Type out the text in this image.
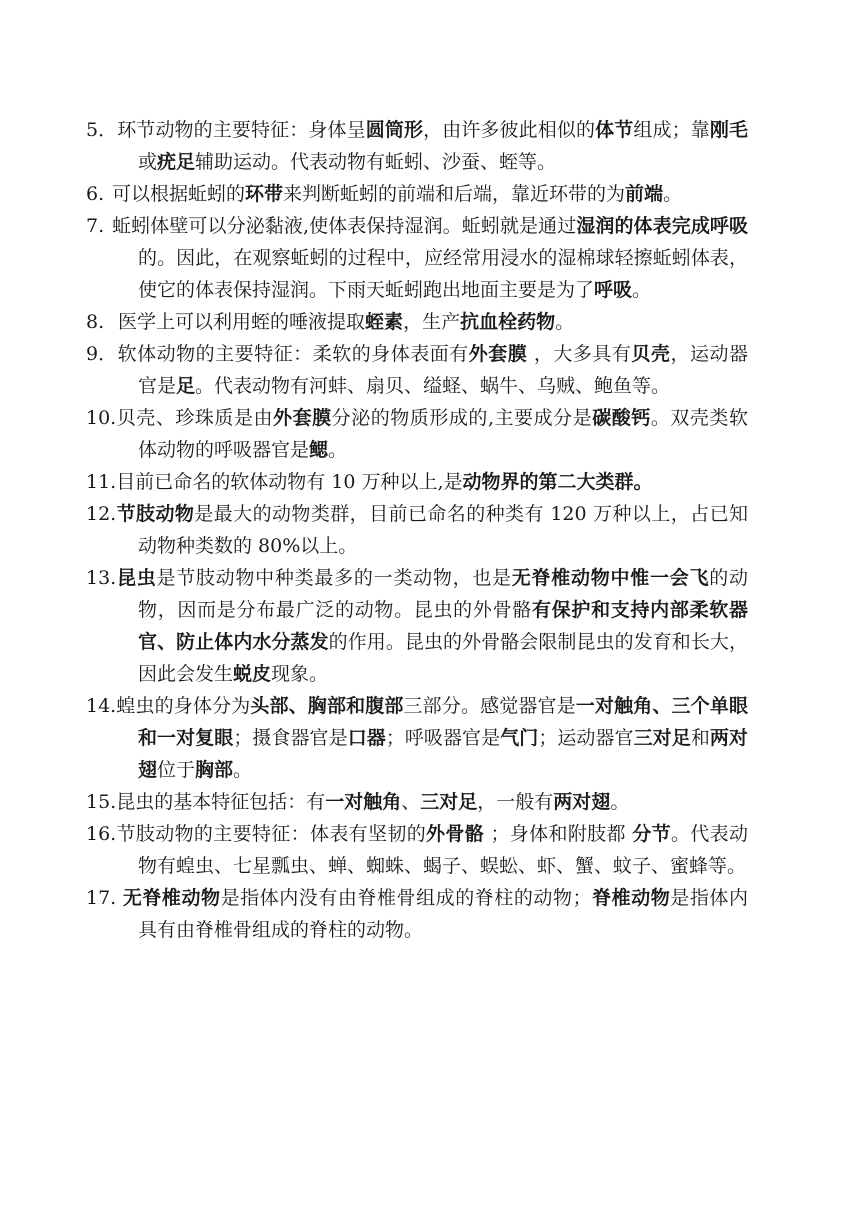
5．环节动物的主要特征：身体呈圆筒形，由许多彼此相似的体节组成；靠刚毛或疣足辅助运动。代表动物有蚯蚓、沙蚕、蛭等。

6. 可以根据蚯蚓的环带来判断蚯蚓的前端和后端，靠近环带的为前端。

7. 蚯蚓体壁可以分泌黏液,使体表保持湿润。蚯蚓就是通过湿润的体表完成呼吸的。因此，在观察蚯蚓的过程中，应经常用浸水的湿棉球轻擦蚯蚓体表，使它的体表保持湿润。下雨天蚯蚓跑出地面主要是为了呼吸。

8. 医学上可以利用蛭的唾液提取蛭素，生产抗血栓药物。

9．软体动物的主要特征：柔软的身体表面有外套膜 ，大多具有贝壳，运动器官是足。代表动物有河蚌、扇贝、缢蛏、蜗牛、乌贼、鲍鱼等。

10.贝壳、珍珠质是由外套膜分泌的物质形成的,主要成分是碳酸钙。双壳类软体动物的呼吸器官是鳃。

11.目前已命名的软体动物有 10 万种以上,是动物界的第二大类群。

12.节肢动物是最大的动物类群，目前已命名的种类有 120 万种以上，占已知动物种类数的 80%以上。

13.昆虫是节肢动物中种类最多的一类动物，也是无脊椎动物中惟一会飞的动物，因而是分布最广泛的动物。昆虫的外骨骼有保护和支持内部柔软器官、防止体内水分蒸发的作用。昆虫的外骨骼会限制昆虫的发育和长大，因此会发生蜕皮现象。

14.蝗虫的身体分为头部、胸部和腹部三部分。感觉器官是一对触角、三个单眼和一对复眼；摄食器官是口器；呼吸器官是气门；运动器官三对足和两对翅位于胸部。

15.昆虫的基本特征包括：有一对触角、三对足，一般有两对翅。

16.节肢动物的主要特征：体表有坚韧的外骨骼 ；身体和附肢都 分节。代表动物有蝗虫、七星瓢虫、蝉、蜘蛛、蝎子、蜈蚣、虾、蟹、蚊子、蜜蜂等。

17. 无脊椎动物是指体内没有由脊椎骨组成的脊柱的动物；脊椎动物是指体内具有由脊椎骨组成的脊柱的动物。
